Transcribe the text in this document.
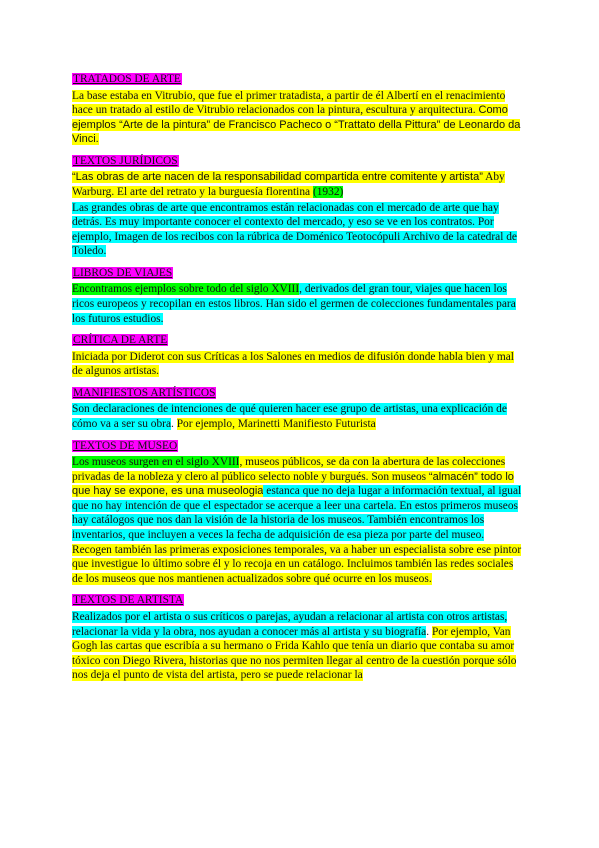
TRATADOS DE ARTE

La base estaba en Vitrubio, que fue el primer tratadista, a partir de él Albertí en el renacimiento hace un tratado al estilo de Vitrubio relacionados con la pintura, escultura y arquitectura. Como ejemplos “Arte de la pintura” de Francisco Pacheco o “Trattato della Pittura” de Leonardo da Vinci.

TEXTOS JURÍDICOS

“Las obras de arte nacen de la responsabilidad compartida entre comitente y artista” Aby Warburg. El arte del retrato y la burguesía florentina (1932)

Las grandes obras de arte que encontramos están relacionadas con el mercado de arte que hay detrás. Es muy importante conocer el contexto del mercado, y eso se ve en los contratos. Por ejemplo, Imagen de los recibos con la rúbrica de Doménico Teotocópuli Archivo de la catedral de Toledo.

LIBROS DE VIAJES

Encontramos ejemplos sobre todo del siglo XVIII, derivados del gran tour, viajes que hacen los ricos europeos y recopilan en estos libros. Han sido el germen de colecciones fundamentales para los futuros estudios.

CRÍTICA DE ARTE

Iniciada por Diderot con sus Críticas a los Salones en medios de difusión donde habla bien y mal de algunos artistas.

MANIFIESTOS ARTÍSTICOS

Son declaraciones de intenciones de qué quieren hacer ese grupo de artistas, una explicación de cómo va a ser su obra. Por ejemplo, Marinetti Manifiesto Futurista

TEXTOS DE MUSEO

Los museos surgen en el siglo XVIII, museos públicos, se da con la abertura de las colecciones privadas de la nobleza y clero al público selecto noble y burgués. Son museos “almacén” todo lo que hay se expone, es una museologia estanca que no deja lugar a información textual, al igual que no hay intención de que el espectador se acerque a leer una cartela. En estos primeros museos hay catálogos que nos dan la visión de la historia de los museos. También encontramos los inventarios, que incluyen a veces la fecha de adquisición de esa pieza por parte del museo. Recogen también las primeras exposiciones temporales, va a haber un especialista sobre ese pintor que investigue lo último sobre él y lo recoja en un catálogo. Incluimos también las redes sociales de los museos que nos mantienen actualizados sobre qué ocurre en los museos.

TEXTOS DE ARTISTA

Realizados por el artista o sus críticos o parejas, ayudan a relacionar al artista con otros artistas, relacionar la vida y la obra, nos ayudan a conocer más al artista y su biografía. Por ejemplo, Van Gogh las cartas que escribía a su hermano o Frida Kahlo que tenía un diario que contaba su amor tóxico con Diego Rivera, historias que no nos permiten llegar al centro de la cuestión porque sólo nos deja el punto de vista del artista, pero se puede relacionar la
